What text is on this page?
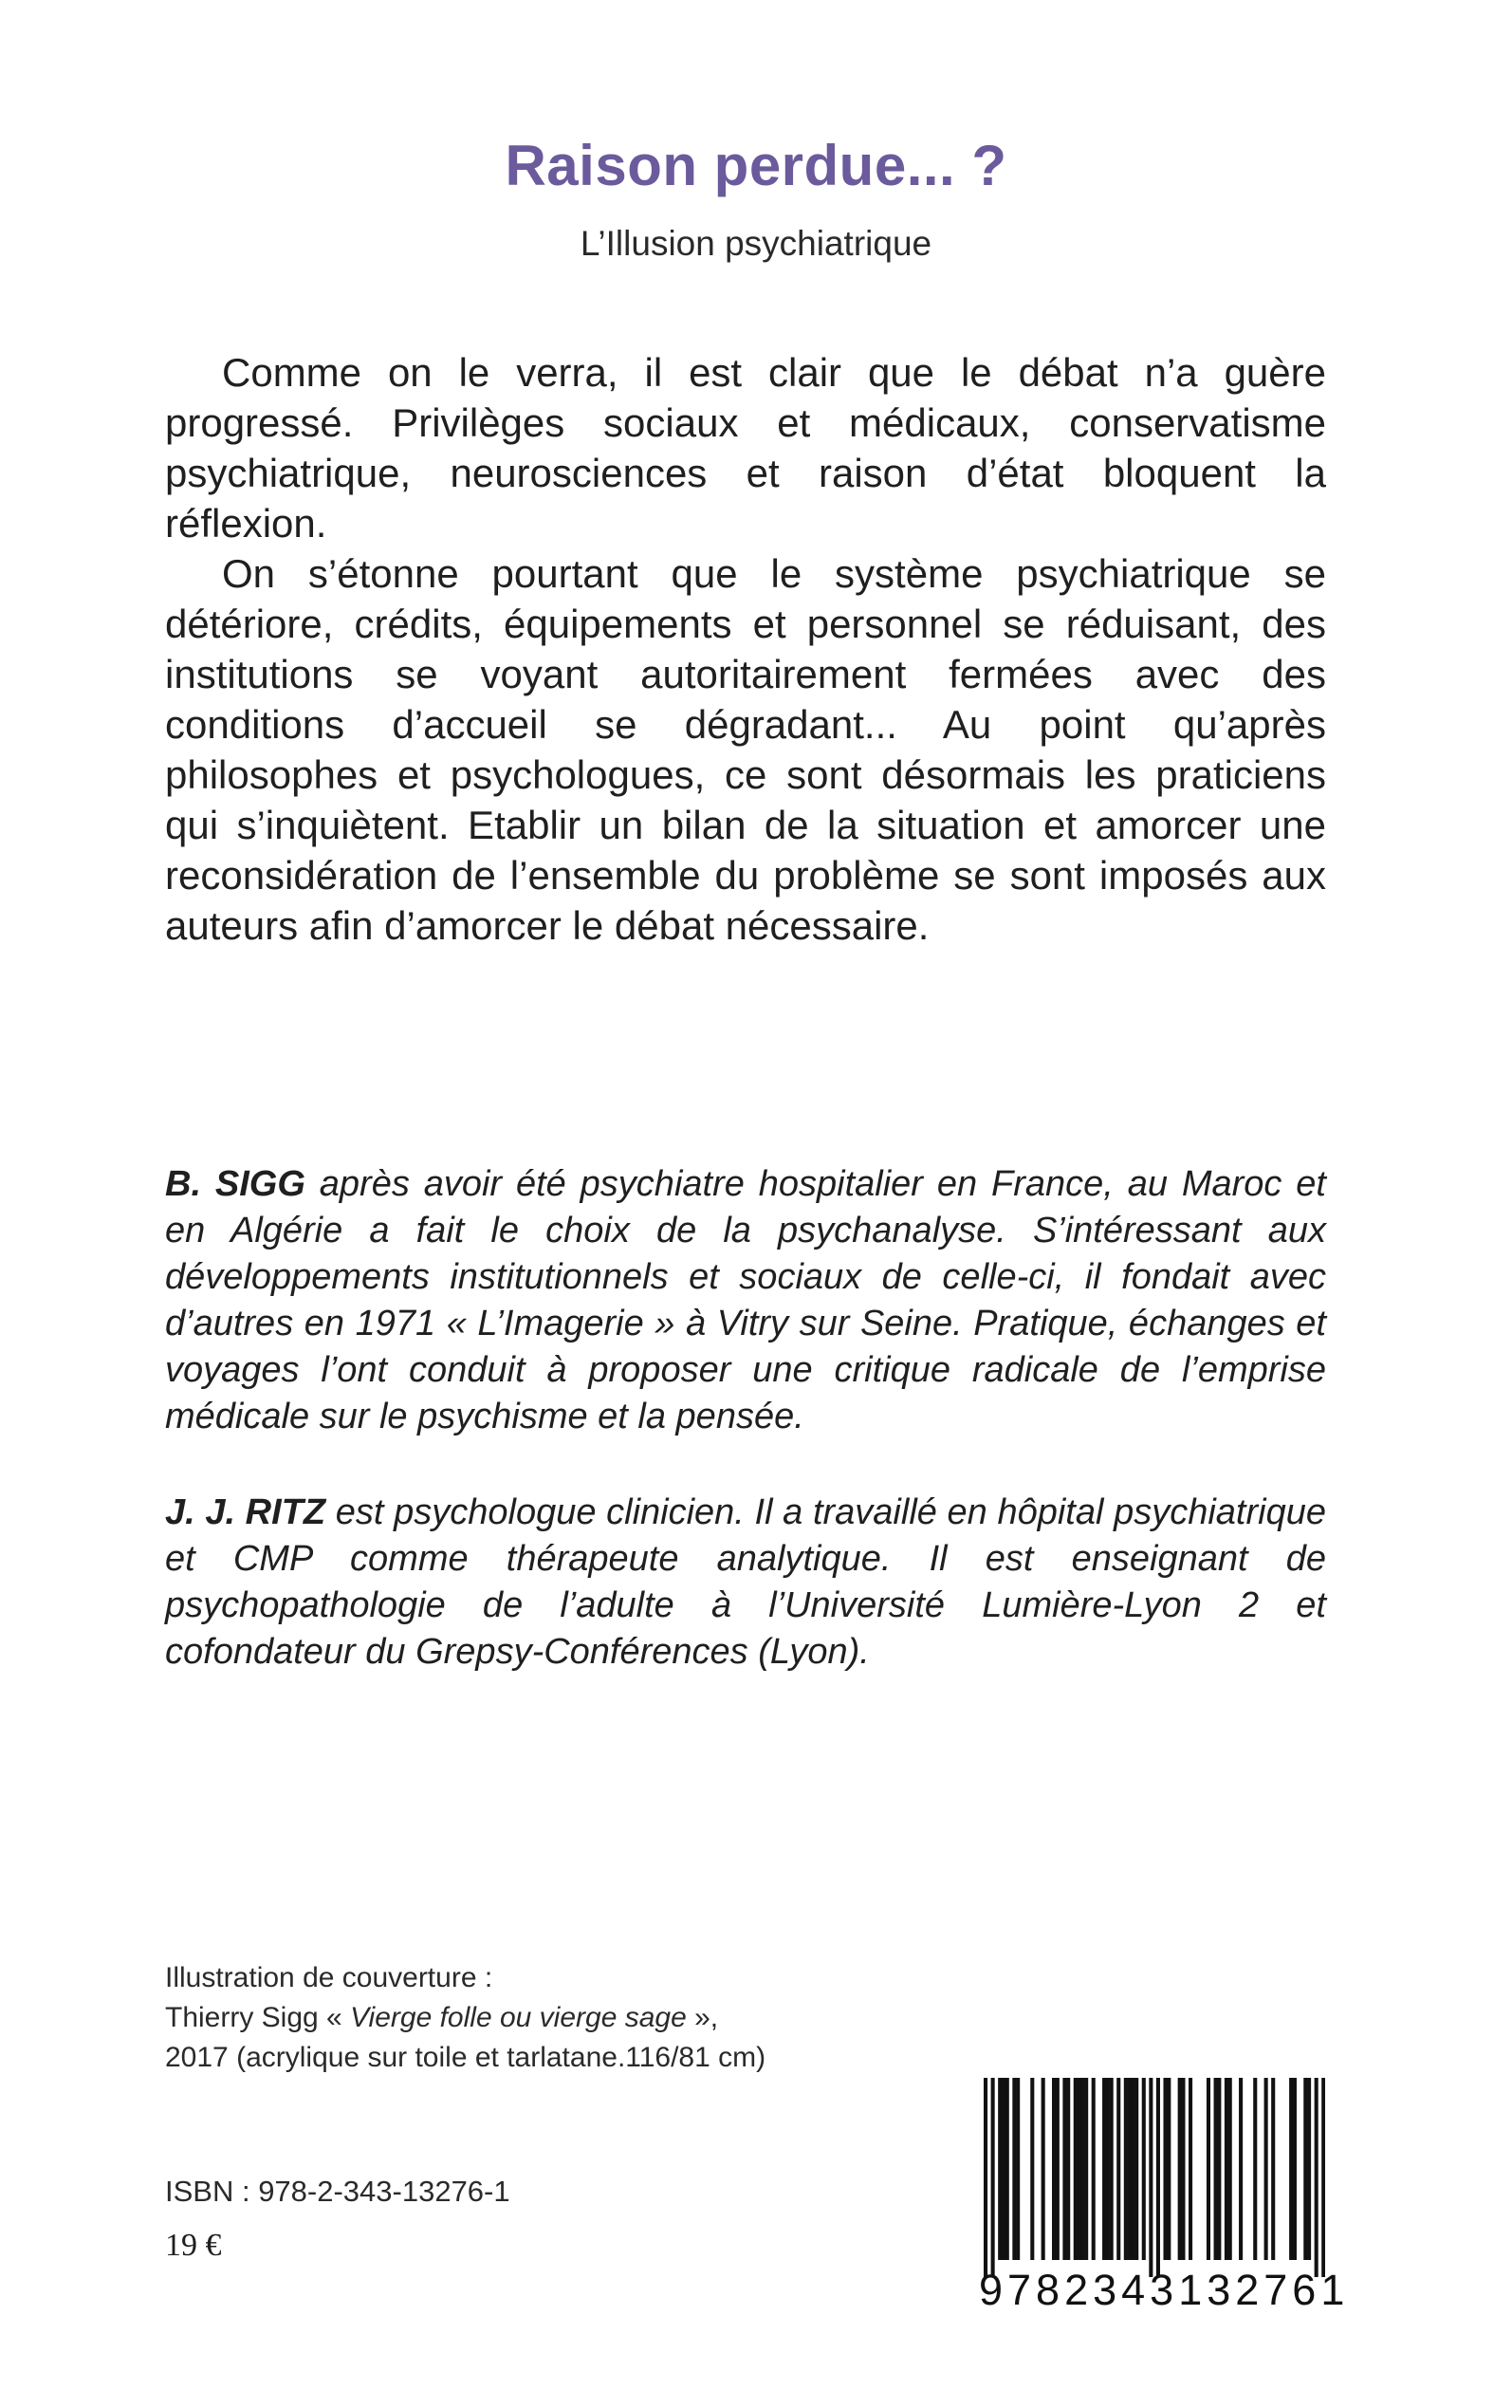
Raison perdue... ?
L’Illusion psychiatrique

Comme on le verra, il est clair que le débat n’a guère progressé. Privilèges sociaux et médicaux, conservatisme psychiatrique, neurosciences et raison d’état bloquent la réflexion.

On s’étonne pourtant que le système psychiatrique se détériore, crédits, équipements et personnel se réduisant, des institutions se voyant autoritairement fermées avec des conditions d’accueil se dégradant... Au point qu’après philosophes et psychologues, ce sont désormais les praticiens qui s’inquiètent. Etablir un bilan de la situation et amorcer une reconsidération de l’ensemble du problème se sont imposés aux auteurs afin d’amorcer le débat nécessaire.

B. SIGG après avoir été psychiatre hospitalier en France, au Maroc et en Algérie a fait le choix de la psychanalyse. S’intéressant aux développements institutionnels et sociaux de celle-ci, il fondait avec d’autres en 1971 « L’Imagerie » à Vitry sur Seine. Pratique, échanges et voyages l’ont conduit à proposer une critique radicale de l’emprise médicale sur le psychisme et la pensée.
J. J. RITZ est psychologue clinicien. Il a travaillé en hôpital psychiatrique et CMP comme thérapeute analytique. Il est enseignant de psychopathologie de l’adulte à l’Université Lumière-Lyon 2 et cofondateur du Grepsy-Conférences (Lyon).
Illustration de couverture :
Thierry Sigg « Vierge folle ou vierge sage »,
2017 (acrylique sur toile et tarlatane.116/81 cm)
ISBN : 978-2-343-13276-1
19 €
9782343132761
